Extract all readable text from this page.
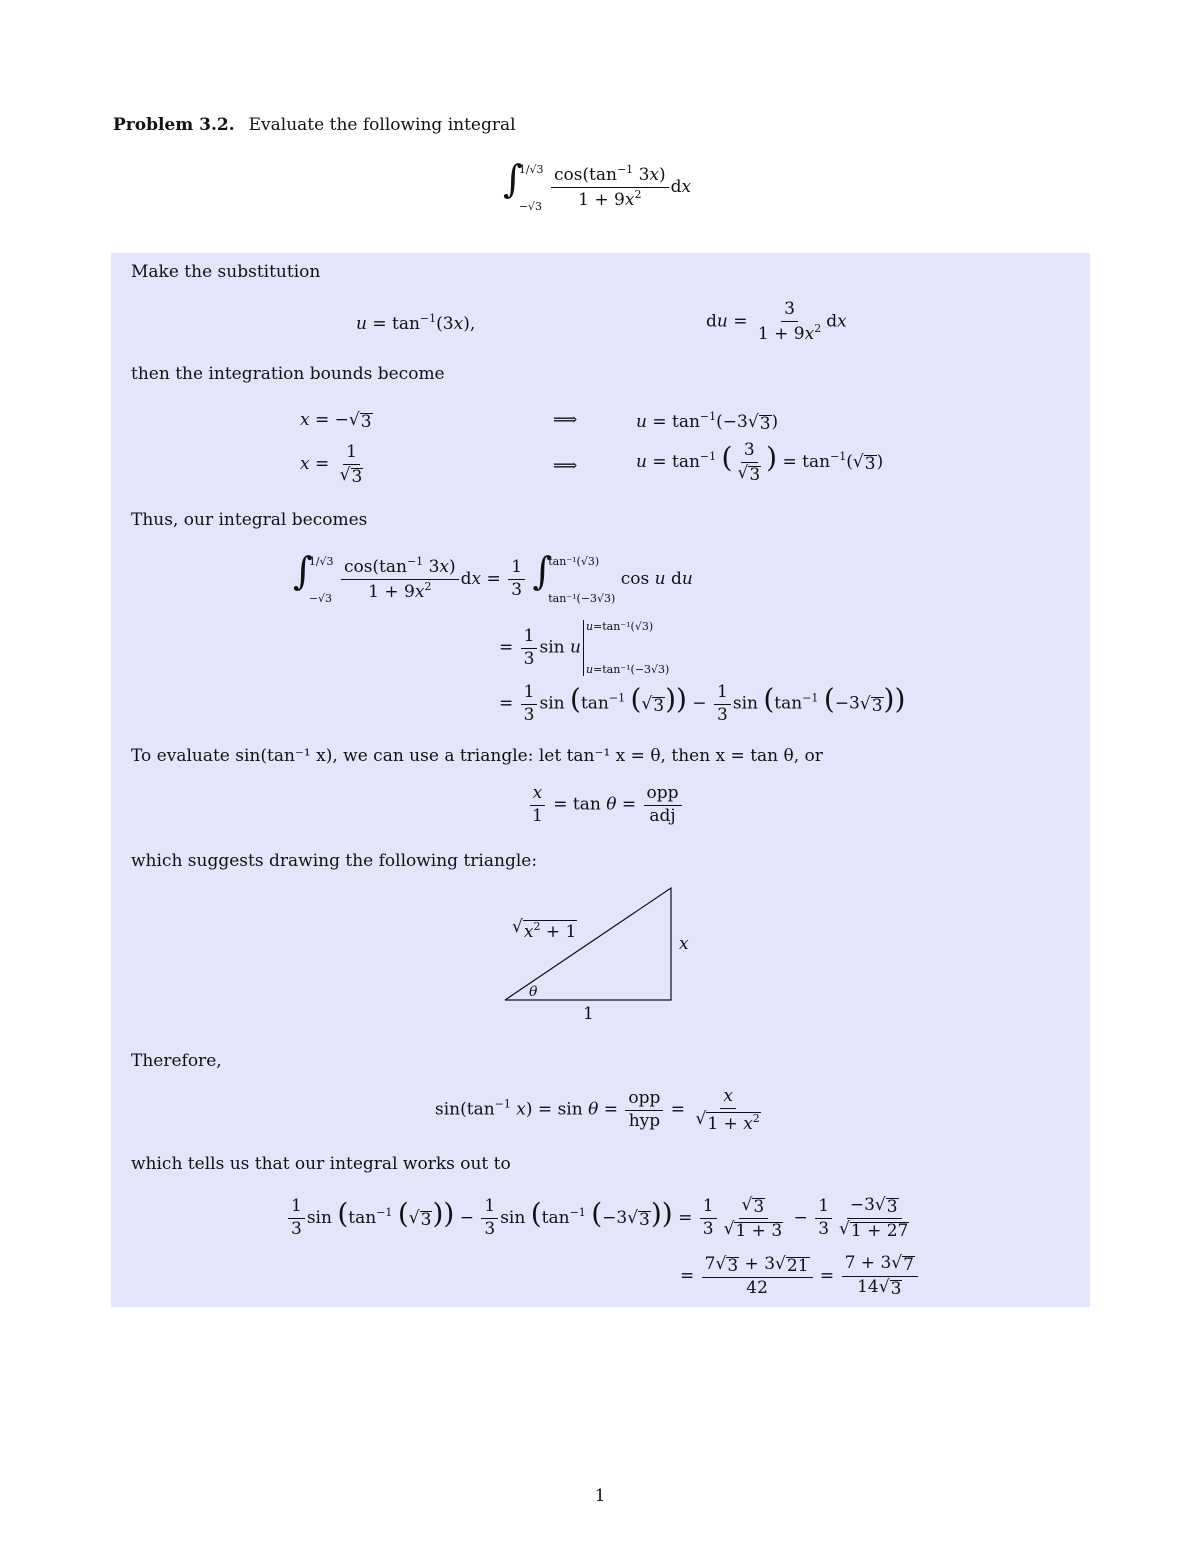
Problem 3.2. Evaluate the following integral
∫
1/√3
−√3
$\frac{\cos(\tan^{-1} 3x)}{1 + 9x^2}$ dx
Make the substitution
$u = \tan^{-1}(3x)$,	du = $\frac{3}{1 + 9x^2}$ dx
then the integration bounds become
x = − √ 3	⟹	$u = \tan^{-1}(-3$ √ 3 )
$x = \frac{1}{√ 3}$	⟹	$u = \tan^{-1}$ ( $\frac{3}{√ 3}$ ) = $\tan^{-1}$( √ 3 )
Thus, our integral becomes
∫
1/√3
−√3
$\frac{\cos(\tan^{-1} 3x)}{1 + 9x^2}$ dx = $\frac{1}{3}$ ∫
tan⁻¹(√3)
tan⁻¹(−3√3)
cos u du
= $\frac{1}{3}$ sin u
u=tan⁻¹(√3)
u=tan⁻¹(−3√3)
= $\frac{1}{3}$ $\sin (\tan^{-1}$ ( √ 3 )) − $\frac{1}{3}$ $\sin (\tan^{-1}$ (−3 √ 3 ))
To evaluate sin(tan⁻¹ x), we can use a triangle: let tan⁻¹ x = θ, then x = tan θ, or
$\frac{x}{1} = \tan \theta = \frac{\text{opp}}{\text{adj}}$
which suggests drawing the following triangle:
√ $x^2 + 1$
x
1
θ
Therefore,
$\sin(\tan^{-1}$ $x) = \sin \theta = \frac{\text{opp}}{\text{hyp}} = \frac{x}{√ 1 + x^2}$
which tells us that our integral works out to
$\frac{1}{3}$ $\sin (\tan^{-1}$ ( √ 3 )) − $\frac{1}{3}$ $\sin (\tan^{-1}$ (−3 √ 3 )) = $\frac{1}{3} \frac{√ 3}{√ 1 + 3} - \frac{1}{3} \frac{-3 √ 3}{√ 1 + 27}$
= $\frac{7 √ 3 + 3 √ 21}{42} = \frac{7 + 3 √ 7}{14 √ 3}$
1
